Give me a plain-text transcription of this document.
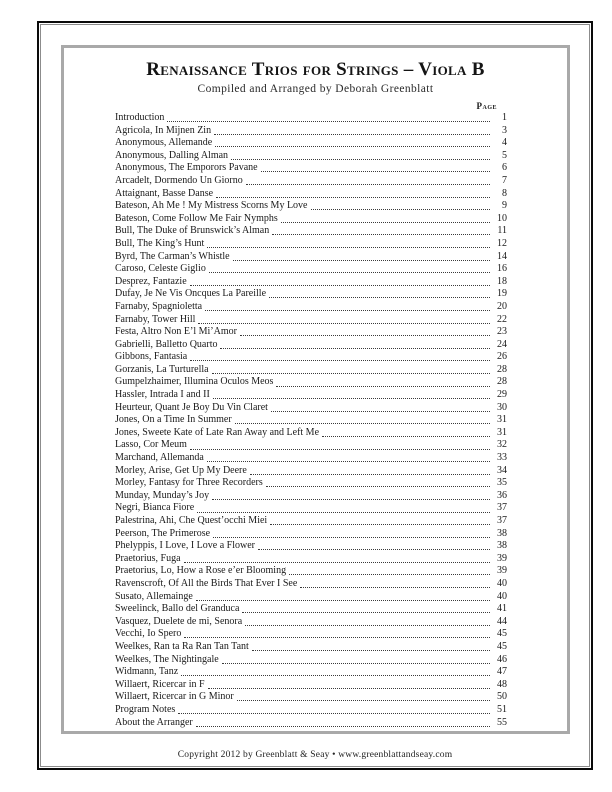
Renaissance Trios for Strings – Viola B
Compiled and Arranged by Deborah Greenblatt
Page
Introduction	1
Agricola, In Mijnen Zin	3
Anonymous, Allemande	4
Anonymous, Dalling Alman	5
Anonymous, The Emporors Pavane	6
Arcadelt, Dormendo Un Giorno	7
Attaignant, Basse Danse	8
Bateson, Ah Me ! My Mistress Scorns My Love	9
Bateson, Come Follow Me Fair Nymphs	10
Bull, The Duke of Brunswick’s Alman	11
Bull, The King’s Hunt	12
Byrd, The Carman’s Whistle	14
Caroso, Celeste Giglio	16
Desprez, Fantazie	18
Dufay, Je Ne Vis Oncques La Pareille	19
Farnaby, Spagnioletta	20
Farnaby, Tower Hill	22
Festa, Altro Non E’l Mi’Amor	23
Gabrielli, Balletto Quarto	24
Gibbons, Fantasia	26
Gorzanis, La Turturella	28
Gumpelzhaimer, Illumina Oculos Meos	28
Hassler, Intrada I and II	29
Heurteur, Quant Je Boy Du Vin Claret	30
Jones, On a Time In Summer	31
Jones, Sweete Kate of Late Ran Away and Left Me	31
Lasso, Cor Meum	32
Marchand, Allemanda	33
Morley, Arise, Get Up My Deere	34
Morley, Fantasy for Three Recorders	35
Munday, Munday’s Joy	36
Negri, Bianca Fiore	37
Palestrina, Ahi, Che Quest’occhi Miei	37
Peerson, The Primerose	38
Phelyppis, I Love, I Love a Flower	38
Praetorius, Fuga	39
Praetorius, Lo, How a Rose e’er Blooming	39
Ravenscroft, Of All the Birds That Ever I See	40
Susato, Allemainge	40
Sweelinck, Ballo del Granduca	41
Vasquez, Duelete de mi, Senora	44
Vecchi, Io Spero	45
Weelkes, Ran ta Ra Ran Tan Tant	45
Weelkes, The Nightingale	46
Widmann, Tanz	47
Willaert, Ricercar in F	48
Willaert, Ricercar in G Minor	50
Program Notes	51
About the Arranger	55
Copyright 2012 by Greenblatt & Seay • www.greenblattandseay.com
